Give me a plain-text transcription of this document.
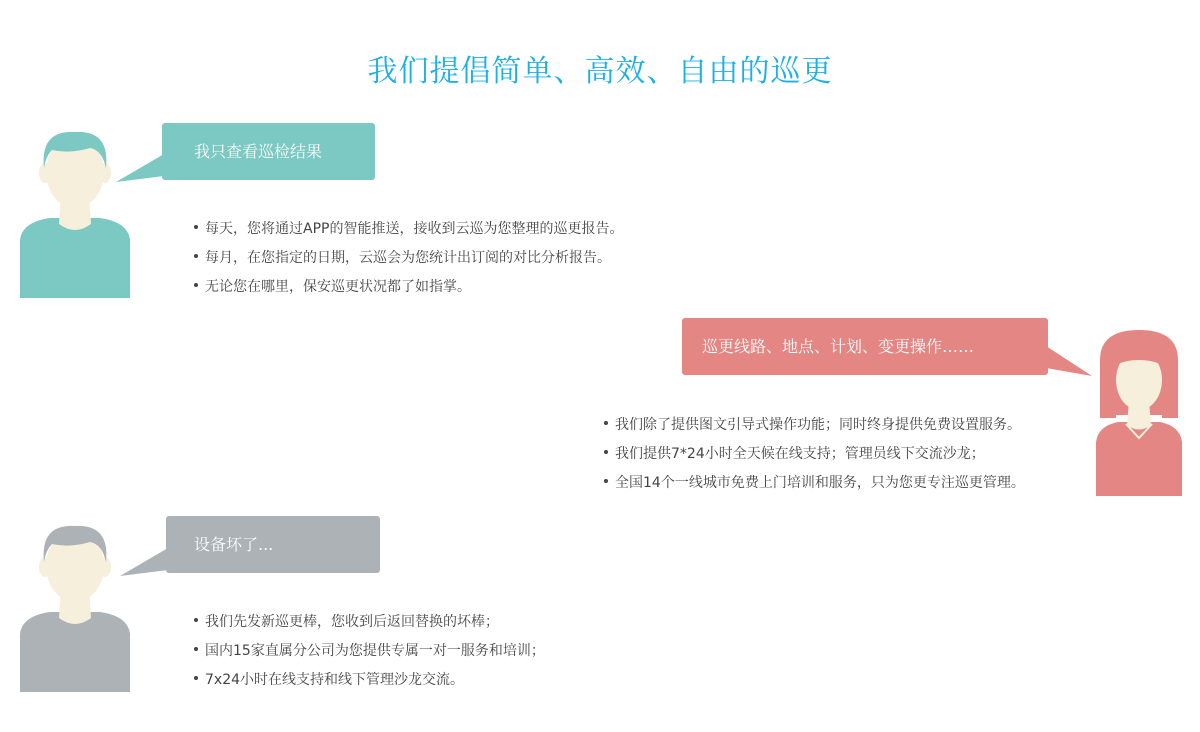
我们提倡简单、高效、自由的巡更
我只查看巡检结果
每天，您将通过APP的智能推送，接收到云巡为您整理的巡更报告。
每月，在您指定的日期，云巡会为您统计出订阅的对比分析报告。
无论您在哪里，保安巡更状况都了如指掌。
巡更线路、地点、计划、变更操作……
我们除了提供图文引导式操作功能；同时终身提供免费设置服务。
我们提供7*24小时全天候在线支持；管理员线下交流沙龙；
全国14个一线城市免费上门培训和服务，只为您更专注巡更管理。
设备坏了...
我们先发新巡更棒，您收到后返回替换的坏棒；
国内15家直属分公司为您提供专属一对一服务和培训；
7x24小时在线支持和线下管理沙龙交流。
